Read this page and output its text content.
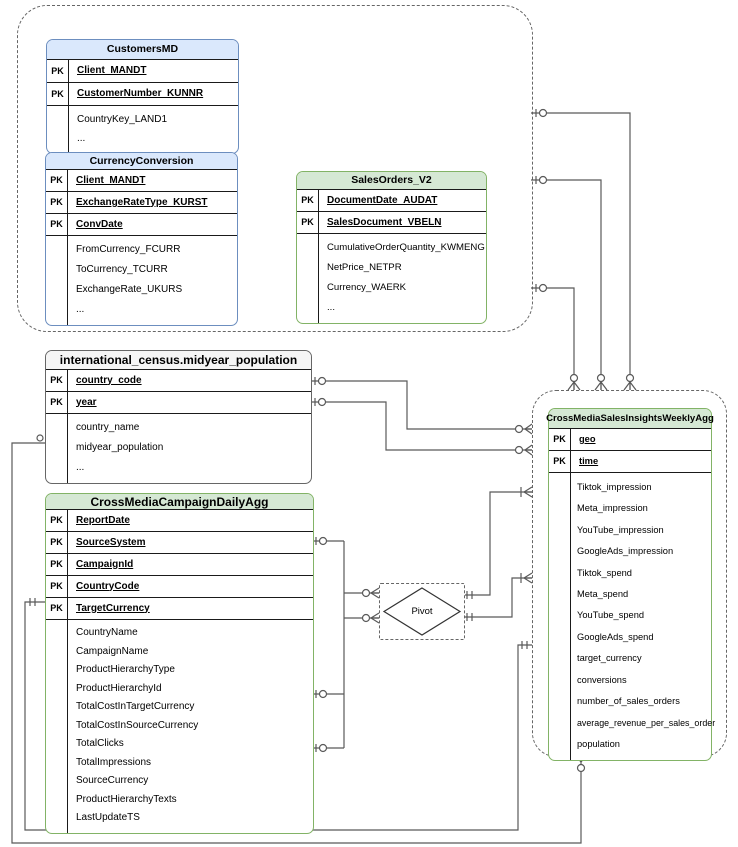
CustomersMD
PK	Client_MANDT
PK	CustomerNumber_KUNNR
CountryKey_LAND1
...
CurrencyConversion
PK	Client_MANDT
PK	ExchangeRateType_KURST
PK	ConvDate
FromCurrency_FCURR
ToCurrency_TCURR
ExchangeRate_UKURS
...
SalesOrders_V2
PK	DocumentDate_AUDAT
PK	SalesDocument_VBELN
CumulativeOrderQuantity_KWMENG
NetPrice_NETPR
Currency_WAERK
...
international_census.midyear_population
PK	country_code
PK	year
country_name
midyear_population
...
CrossMediaCampaignDailyAgg
PK	ReportDate
PK	SourceSystem
PK	CampaignId
PK	CountryCode
PK	TargetCurrency
CountryName
CampaignName
ProductHierarchyType
ProductHierarchyId
TotalCostInTargetCurrency
TotalCostInSourceCurrency
TotalClicks
TotalImpressions
SourceCurrency
ProductHierarchyTexts
LastUpdateTS
CrossMediaSalesInsightsWeeklyAgg
PK	geo
PK	time
Tiktok_impression
Meta_impression
YouTube_impression
GoogleAds_impression
Tiktok_spend
Meta_spend
YouTube_spend
GoogleAds_spend
target_currency
conversions
number_of_sales_orders
average_revenue_per_sales_order
population
Pivot
